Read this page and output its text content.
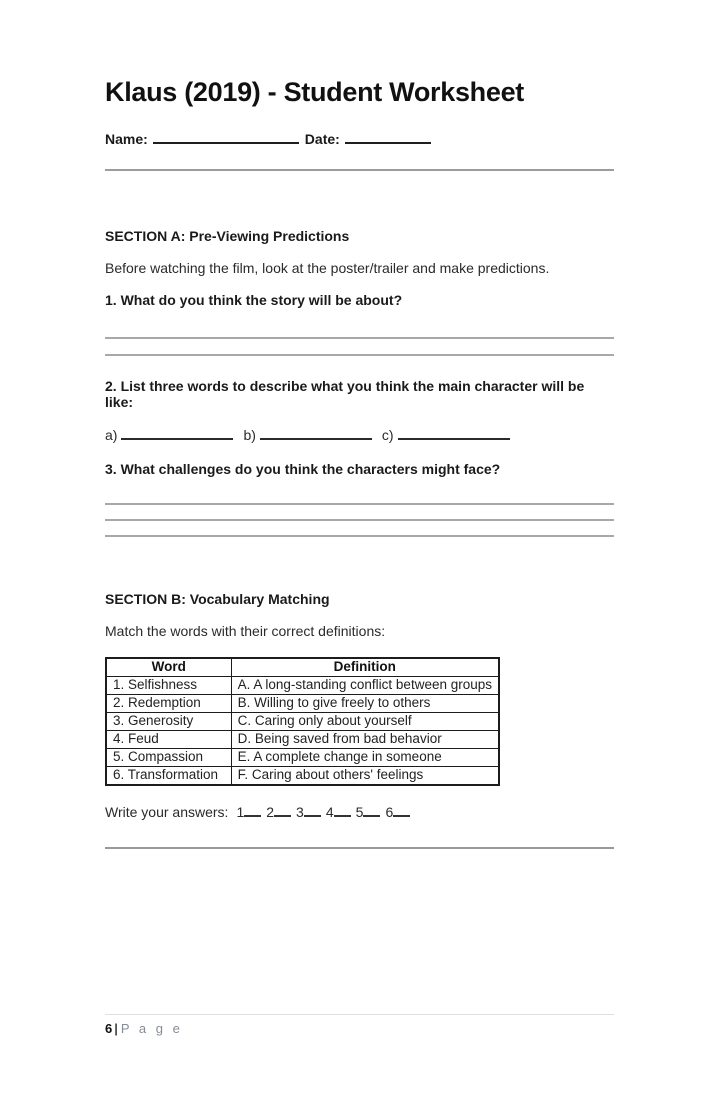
Klaus (2019) - Student Worksheet
Name:	Date:
SECTION A: Pre-Viewing Predictions

Before watching the film, look at the poster/trailer and make predictions.

1. What do you think the story will be about?

2. List three words to describe what you think the main character will be like:

a)	b)	c)

3. What challenges do you think the characters might face?

SECTION B: Vocabulary Matching

Match the words with their correct definitions:

Word	Definition
1. Selfishness	A. A long-standing conflict between groups
2. Redemption	B. Willing to give freely to others
3. Generosity	C. Caring only about yourself
4. Feud	D. Being saved from bad behavior
5. Compassion	E. A complete change in someone
6. Transformation	F. Caring about others' feelings
Write your answers: 1 2 3 4 5 6
6 | P a g e
